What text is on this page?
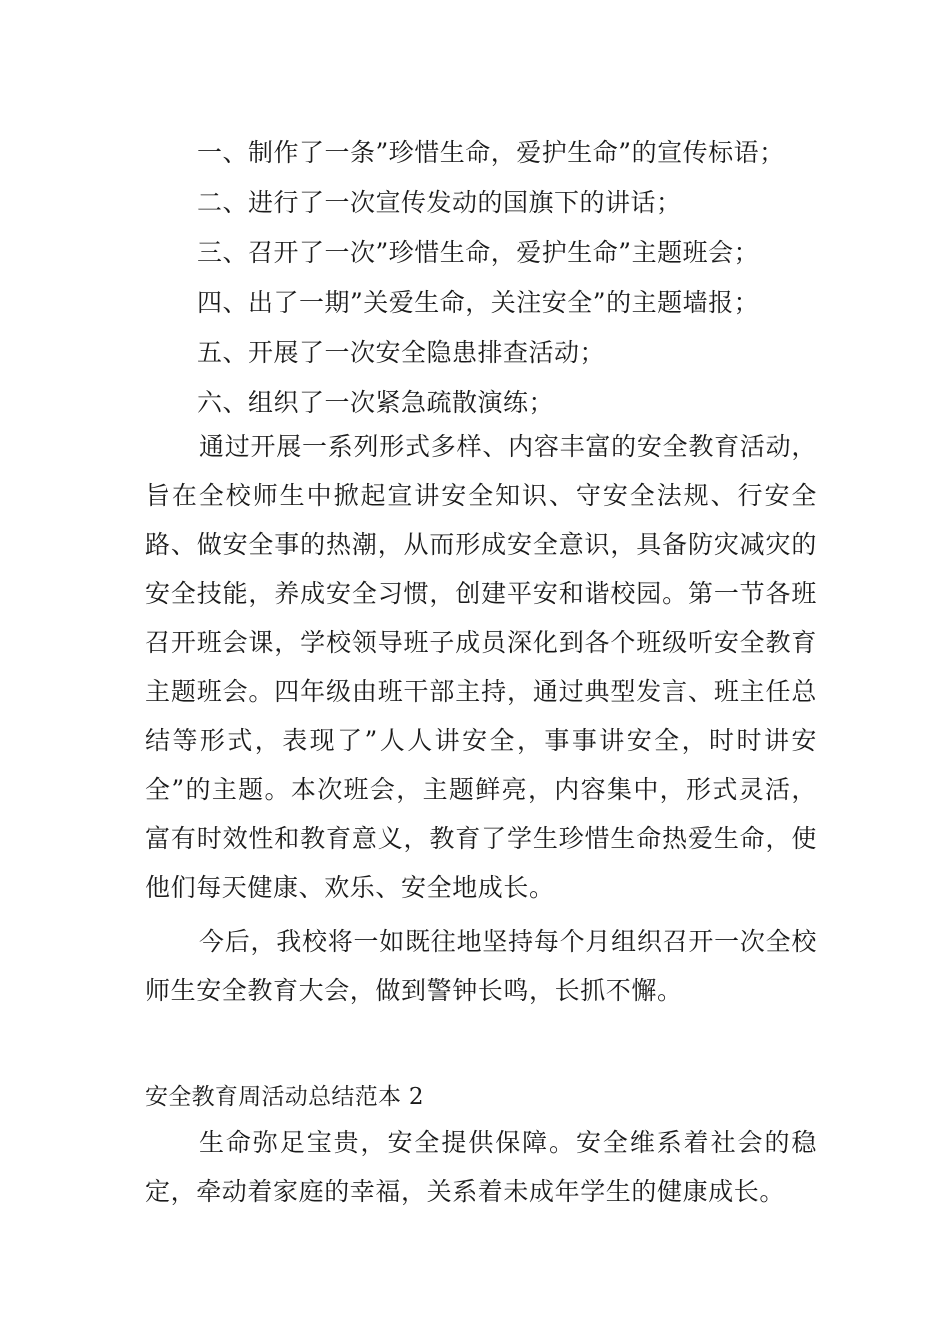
一、制作了一条”珍惜生命，爱护生命”的宣传标语；
二、进行了一次宣传发动的国旗下的讲话；
三、召开了一次”珍惜生命，爱护生命”主题班会；
四、出了一期”关爱生命，关注安全”的主题墙报；
五、开展了一次安全隐患排查活动；
六、组织了一次紧急疏散演练；

通过开展一系列形式多样、内容丰富的安全教育活动，旨在全校师生中掀起宣讲安全知识、守安全法规、行安全路、做安全事的热潮，从而形成安全意识，具备防灾减灾的安全技能，养成安全习惯，创建平安和谐校园。第一节各班召开班会课，学校领导班子成员深化到各个班级听安全教育主题班会。四年级由班干部主持，通过典型发言、班主任总结等形式，表现了”人人讲安全，事事讲安全，时时讲安全”的主题。本次班会，主题鲜亮，内容集中，形式灵活，富有时效性和教育意义，教育了学生珍惜生命热爱生命，使他们每天健康、欢乐、安全地成长。

今后，我校将一如既往地坚持每个月组织召开一次全校师生安全教育大会，做到警钟长鸣，长抓不懈。

安全教育周活动总结范本 2

生命弥足宝贵，安全提供保障。安全维系着社会的稳定，牵动着家庭的幸福，关系着未成年学生的健康成长。
